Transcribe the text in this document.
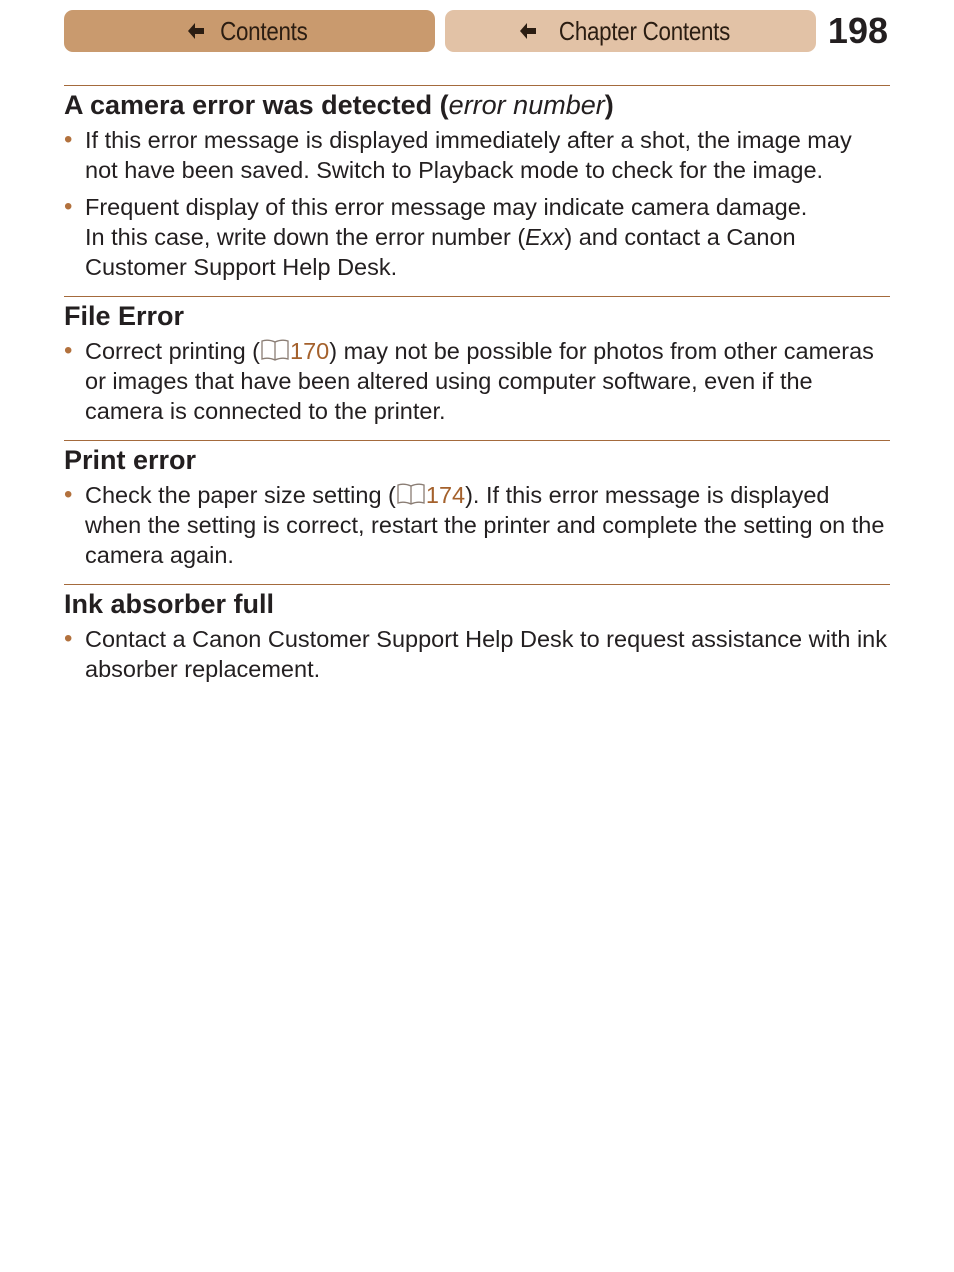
Contents	Chapter Contents	198
A camera error was detected (error number)
• If this error message is displayed immediately after a shot, the image may not have been saved. Switch to Playback mode to check for the image.
• Frequent display of this error message may indicate camera damage.
In this case, write down the error number (Exx) and contact a Canon Customer Support Help Desk.
File Error
• Correct printing ( 170) may not be possible for photos from other cameras or images that have been altered using computer software, even if the camera is connected to the printer.
Print error
• Check the paper size setting ( 174). If this error message is displayed when the setting is correct, restart the printer and complete the setting on the camera again.
Ink absorber full
• Contact a Canon Customer Support Help Desk to request assistance with ink absorber replacement.
